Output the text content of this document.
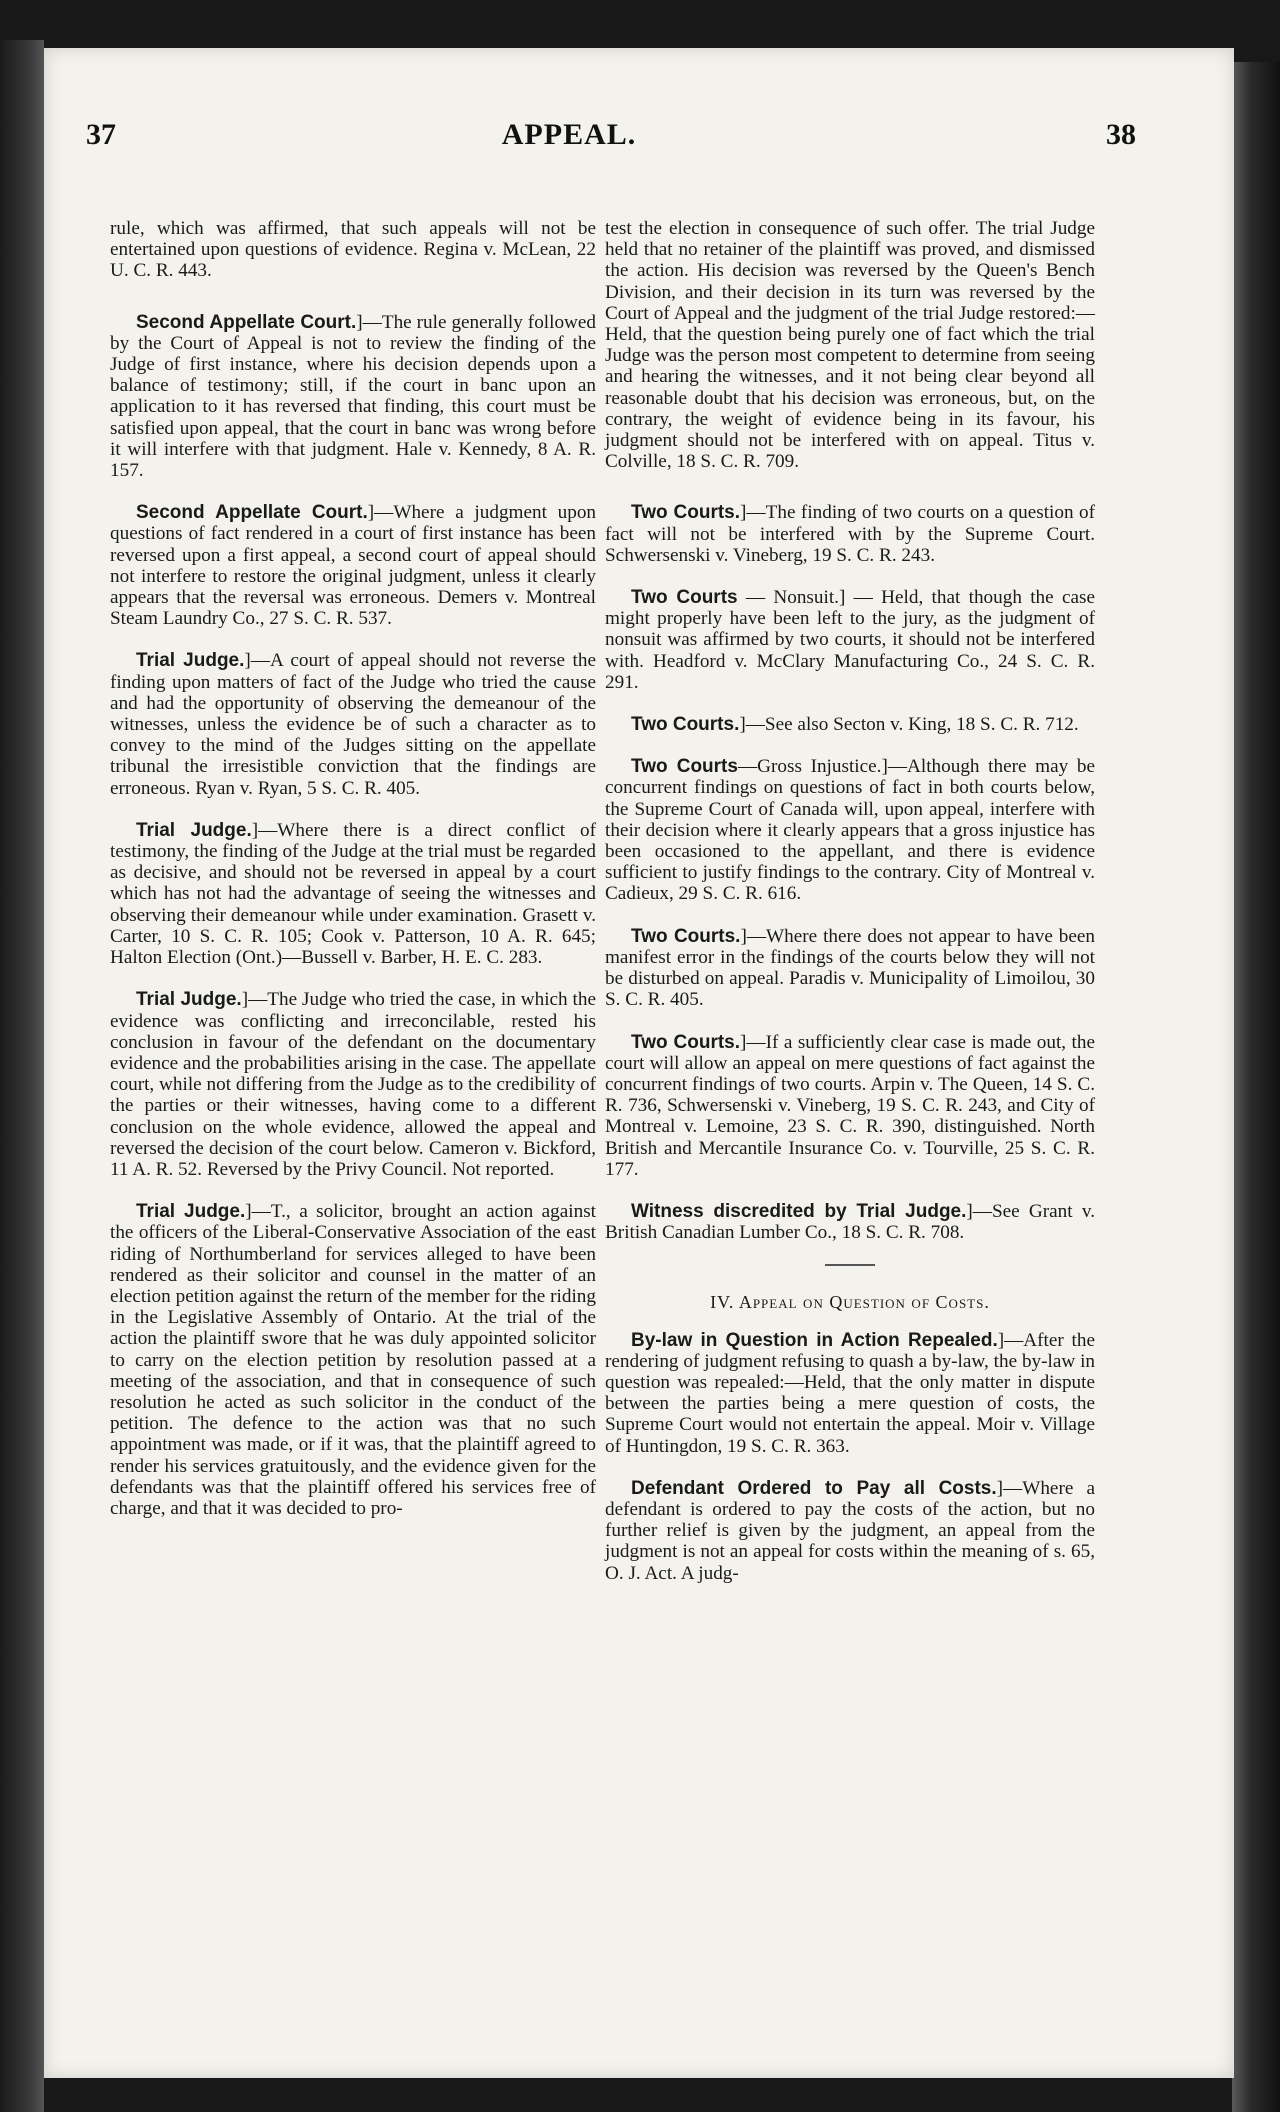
37	APPEAL.	38

rule, which was affirmed, that such appeals will not be entertained upon questions of evidence. Regina v. McLean, 22 U. C. R. 443.

Second Appellate Court.]—The rule generally followed by the Court of Appeal is not to review the finding of the Judge of first instance, where his decision depends upon a balance of testimony; still, if the court in banc upon an application to it has reversed that finding, this court must be satisfied upon appeal, that the court in banc was wrong before it will interfere with that judgment. Hale v. Kennedy, 8 A. R. 157.

Second Appellate Court.]—Where a judgment upon questions of fact rendered in a court of first instance has been reversed upon a first appeal, a second court of appeal should not interfere to restore the original judgment, unless it clearly appears that the reversal was erroneous. Demers v. Montreal Steam Laundry Co., 27 S. C. R. 537.

Trial Judge.]—A court of appeal should not reverse the finding upon matters of fact of the Judge who tried the cause and had the opportunity of observing the demeanour of the witnesses, unless the evidence be of such a character as to convey to the mind of the Judges sitting on the appellate tribunal the irresistible conviction that the findings are erroneous. Ryan v. Ryan, 5 S. C. R. 405.

Trial Judge.]—Where there is a direct conflict of testimony, the finding of the Judge at the trial must be regarded as decisive, and should not be reversed in appeal by a court which has not had the advantage of seeing the witnesses and observing their demeanour while under examination. Grasett v. Carter, 10 S. C. R. 105; Cook v. Patterson, 10 A. R. 645; Halton Election (Ont.)—Bussell v. Barber, H. E. C. 283.

Trial Judge.]—The Judge who tried the case, in which the evidence was conflicting and irreconcilable, rested his conclusion in favour of the defendant on the documentary evidence and the probabilities arising in the case. The appellate court, while not differing from the Judge as to the credibility of the parties or their witnesses, having come to a different conclusion on the whole evidence, allowed the appeal and reversed the decision of the court below. Cameron v. Bickford, 11 A. R. 52. Reversed by the Privy Council. Not reported.

Trial Judge.]—T., a solicitor, brought an action against the officers of the Liberal-Conservative Association of the east riding of Northumberland for services alleged to have been rendered as their solicitor and counsel in the matter of an election petition against the return of the member for the riding in the Legislative Assembly of Ontario. At the trial of the action the plaintiff swore that he was duly appointed solicitor to carry on the election petition by resolution passed at a meeting of the association, and that in consequence of such resolution he acted as such solicitor in the conduct of the petition. The defence to the action was that no such appointment was made, or if it was, that the plaintiff agreed to render his services gratuitously, and the evidence given for the defendants was that the plaintiff offered his services free of charge, and that it was decided to pro-

test the election in consequence of such offer. The trial Judge held that no retainer of the plaintiff was proved, and dismissed the action. His decision was reversed by the Queen's Bench Division, and their decision in its turn was reversed by the Court of Appeal and the judgment of the trial Judge restored:—Held, that the question being purely one of fact which the trial Judge was the person most competent to determine from seeing and hearing the witnesses, and it not being clear beyond all reasonable doubt that his decision was erroneous, but, on the contrary, the weight of evidence being in its favour, his judgment should not be interfered with on appeal. Titus v. Colville, 18 S. C. R. 709.

Two Courts.]—The finding of two courts on a question of fact will not be interfered with by the Supreme Court. Schwersenski v. Vineberg, 19 S. C. R. 243.

Two Courts — Nonsuit.] — Held, that though the case might properly have been left to the jury, as the judgment of nonsuit was affirmed by two courts, it should not be interfered with. Headford v. McClary Manufacturing Co., 24 S. C. R. 291.

Two Courts.]—See also Secton v. King, 18 S. C. R. 712.

Two Courts—Gross Injustice.]—Although there may be concurrent findings on questions of fact in both courts below, the Supreme Court of Canada will, upon appeal, interfere with their decision where it clearly appears that a gross injustice has been occasioned to the appellant, and there is evidence sufficient to justify findings to the contrary. City of Montreal v. Cadieux, 29 S. C. R. 616.

Two Courts.]—Where there does not appear to have been manifest error in the findings of the courts below they will not be disturbed on appeal. Paradis v. Municipality of Limoilou, 30 S. C. R. 405.

Two Courts.]—If a sufficiently clear case is made out, the court will allow an appeal on mere questions of fact against the concurrent findings of two courts. Arpin v. The Queen, 14 S. C. R. 736, Schwersenski v. Vineberg, 19 S. C. R. 243, and City of Montreal v. Lemoine, 23 S. C. R. 390, distinguished. North British and Mercantile Insurance Co. v. Tourville, 25 S. C. R. 177.

Witness discredited by Trial Judge.]—See Grant v. British Canadian Lumber Co., 18 S. C. R. 708.

IV. Appeal on Question of Costs.

By-law in Question in Action Repealed.]—After the rendering of judgment refusing to quash a by-law, the by-law in question was repealed:—Held, that the only matter in dispute between the parties being a mere question of costs, the Supreme Court would not entertain the appeal. Moir v. Village of Huntingdon, 19 S. C. R. 363.

Defendant Ordered to Pay all Costs.]—Where a defendant is ordered to pay the costs of the action, but no further relief is given by the judgment, an appeal from the judgment is not an appeal for costs within the meaning of s. 65, O. J. Act. A judg-
